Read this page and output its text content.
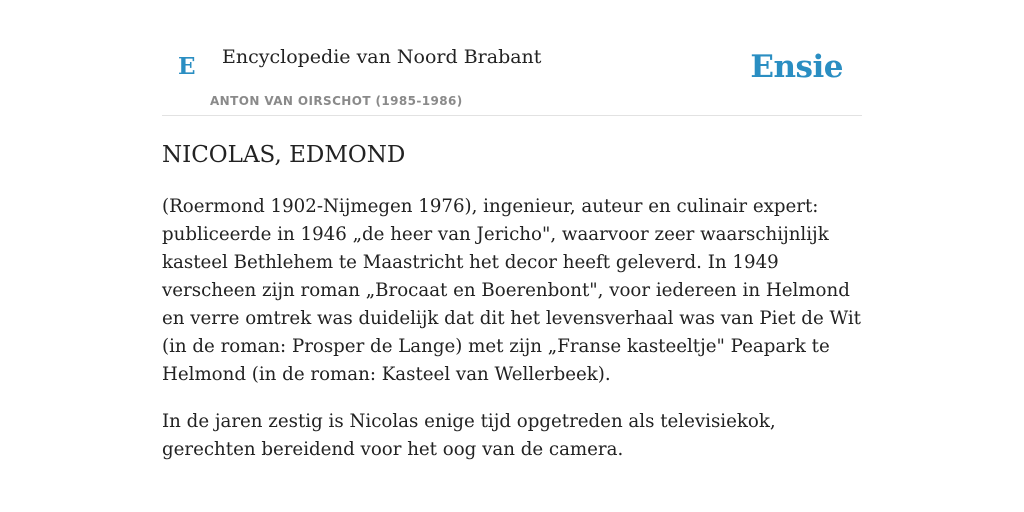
E Encyclopedie van Noord Brabant
ANTON VAN OIRSCHOT (1985-1986)
Ensie
NICOLAS, EDMOND

(Roermond 1902-Nijmegen 1976), ingenieur, auteur en culinair expert: publiceerde in 1946 „de heer van Jericho", waarvoor zeer waarschijnlijk kasteel Bethlehem te Maastricht het decor heeft geleverd. In 1949 verscheen zijn roman „Brocaat en Boerenbont", voor iedereen in Helmond en verre omtrek was duidelijk dat dit het levensverhaal was van Piet de Wit (in de roman: Prosper de Lange) met zijn „Franse kasteeltje" Peapark te Helmond (in de roman: Kasteel van Wellerbeek).

In de jaren zestig is Nicolas enige tijd opgetreden als televisiekok, gerechten bereidend voor het oog van de camera.
